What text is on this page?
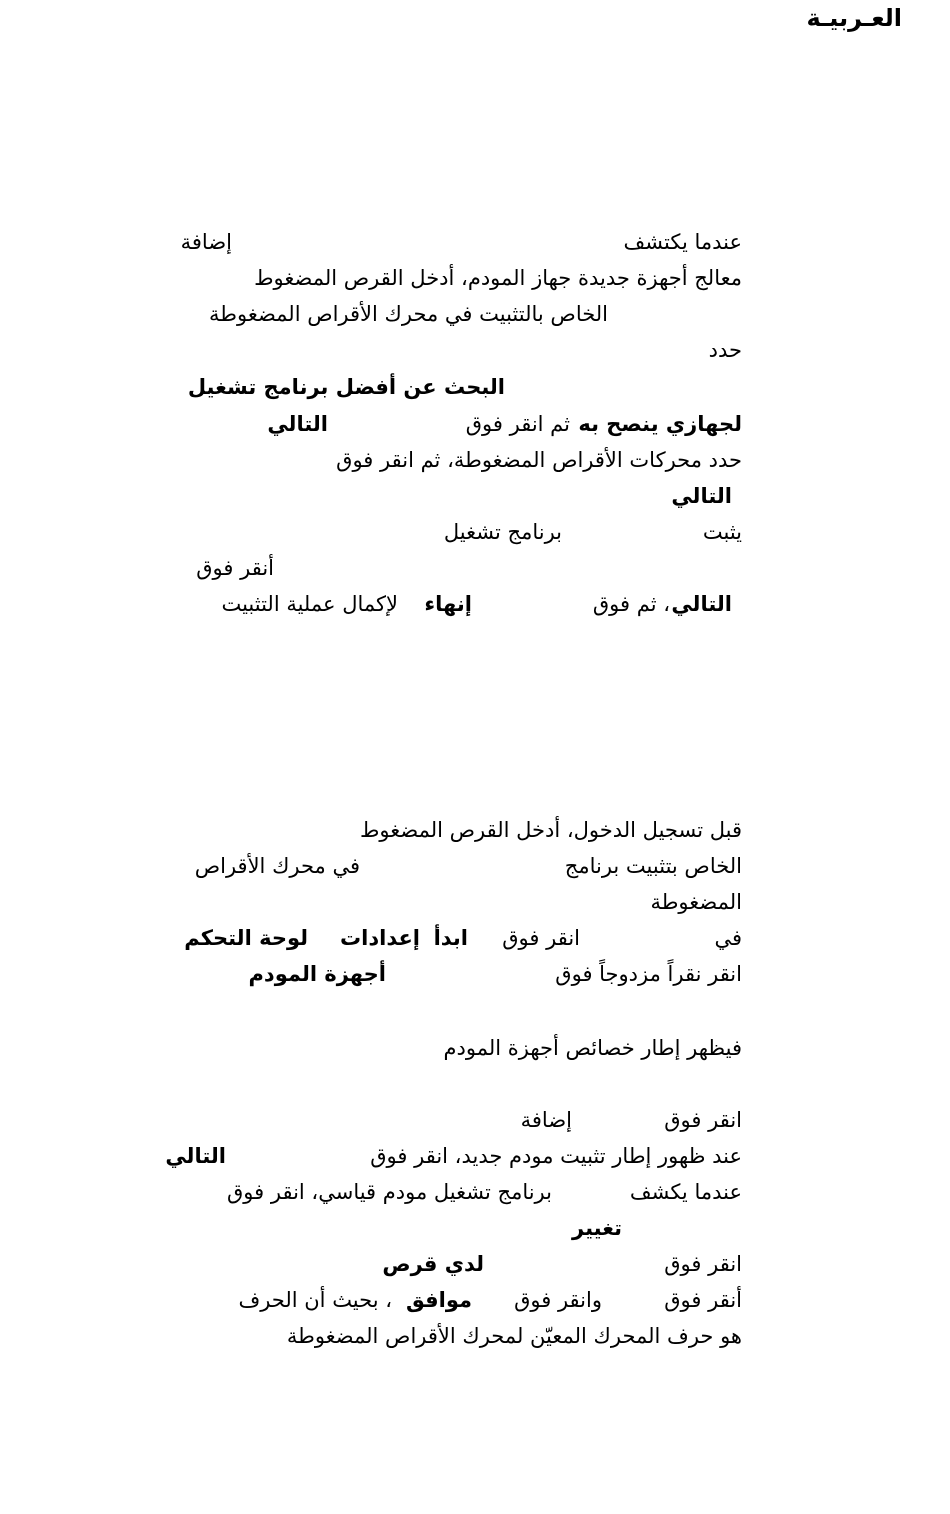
العـربيـة
عندما يكتشف
إضافة
معالج أجهزة جديدة جهاز المودم، أدخل القرص المضغوط
الخاص بالتثبيت في محرك الأقراص المضغوطة
حدد
البحث عن أفضل برنامج تشغيل
لجهازي ينصح به
ثم انقر فوق
التالي
حدد محركات الأقراص المضغوطة، ثم انقر فوق
التالي
يثبت
برنامج تشغيل
أنقر فوق
التالي
، ثم فوق
إنهاء
لإكمال عملية التثبيت
قبل تسجيل الدخول، أدخل القرص المضغوط
الخاص بتثبيت برنامج
في محرك الأقراص
المضغوطة
في
انقر فوق
ابدأ
إعدادات
لوحة التحكم
انقر نقراً مزدوجاً فوق
أجهزة المودم
فيظهر إطار خصائص أجهزة المودم
انقر فوق
إضافة
عند ظهور إطار تثبيت مودم جديد، انقر فوق
التالي
عندما يكشف
برنامج تشغيل مودم قياسي، انقر فوق
تغيير
انقر فوق
لدي قرص
أنقر فوق
وانقر فوق
موافق
، بحيث أن الحرف
هو حرف المحرك المعيّن لمحرك الأقراص المضغوطة
